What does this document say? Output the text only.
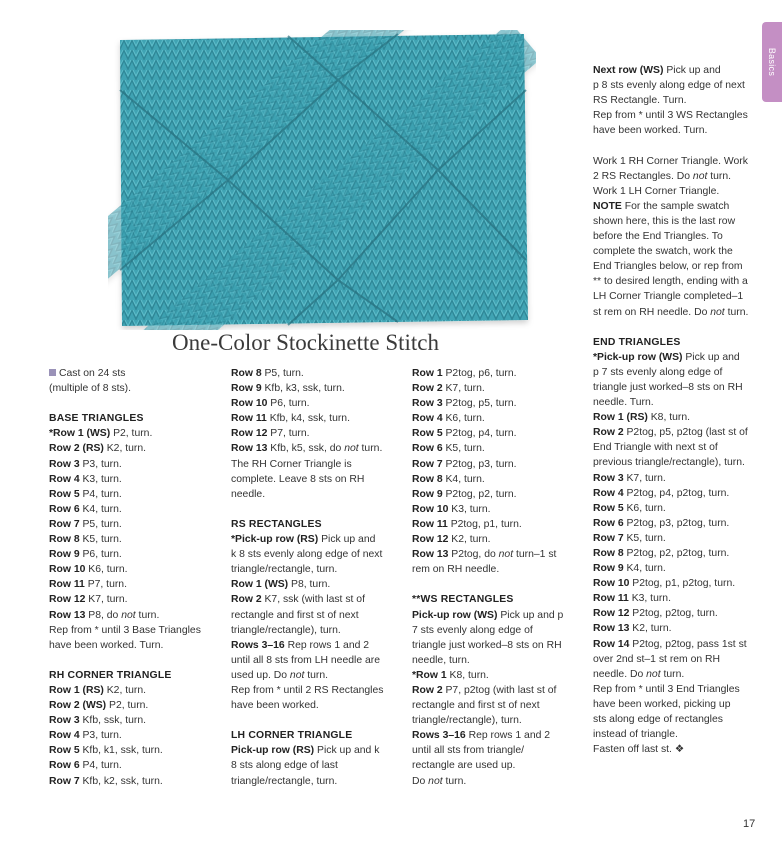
Basics
One-Color Stockinette Stitch

Cast on 24 sts

(multiple of 8 sts).

BASE TRIANGLES

*Row 1 (WS) P2, turn.

Row 2 (RS) K2, turn.

Row 3 P3, turn.

Row 4 K3, turn.

Row 5 P4, turn.

Row 6 K4, turn.

Row 7 P5, turn.

Row 8 K5, turn.

Row 9 P6, turn.

Row 10 K6, turn.

Row 11 P7, turn.

Row 12 K7, turn.

Row 13 P8, do not turn.

Rep from * until 3 Base Triangles

have been worked. Turn.

RH CORNER TRIANGLE

Row 1 (RS) K2, turn.

Row 2 (WS) P2, turn.

Row 3 Kfb, ssk, turn.

Row 4 P3, turn.

Row 5 Kfb, k1, ssk, turn.

Row 6 P4, turn.

Row 7 Kfb, k2, ssk, turn.

Row 8 P5, turn.

Row 9 Kfb, k3, ssk, turn.

Row 10 P6, turn.

Row 11 Kfb, k4, ssk, turn.

Row 12 P7, turn.

Row 13 Kfb, k5, ssk, do not turn.

The RH Corner Triangle is

complete. Leave 8 sts on RH

needle.

RS RECTANGLES

*Pick-up row (RS) Pick up and

k 8 sts evenly along edge of next

triangle/rectangle, turn.

Row 1 (WS) P8, turn.

Row 2 K7, ssk (with last st of

rectangle and first st of next

triangle/rectangle), turn.

Rows 3–16 Rep rows 1 and 2

until all 8 sts from LH needle are

used up. Do not turn.

Rep from * until 2 RS Rectangles

have been worked.

LH CORNER TRIANGLE

Pick-up row (RS) Pick up and k

8 sts along edge of last

triangle/rectangle, turn.

Row 1 P2tog, p6, turn.

Row 2 K7, turn.

Row 3 P2tog, p5, turn.

Row 4 K6, turn.

Row 5 P2tog, p4, turn.

Row 6 K5, turn.

Row 7 P2tog, p3, turn.

Row 8 K4, turn.

Row 9 P2tog, p2, turn.

Row 10 K3, turn.

Row 11 P2tog, p1, turn.

Row 12 K2, turn.

Row 13 P2tog, do not turn–1 st

rem on RH needle.

**WS RECTANGLES

Pick-up row (WS) Pick up and p

7 sts evenly along edge of

triangle just worked–8 sts on RH

needle, turn.

*Row 1 K8, turn.

Row 2 P7, p2tog (with last st of

rectangle and first st of next

triangle/rectangle), turn.

Rows 3–16 Rep rows 1 and 2

until all sts from triangle/

rectangle are used up.

Do not turn.

Next row (WS) Pick up and

p 8 sts evenly along edge of next

RS Rectangle. Turn.

Rep from * until 3 WS Rectangles

have been worked. Turn.

Work 1 RH Corner Triangle. Work

2 RS Rectangles. Do not turn.

Work 1 LH Corner Triangle.

NOTE For the sample swatch

shown here, this is the last row

before the End Triangles. To

complete the swatch, work the

End Triangles below, or rep from

** to desired length, ending with a

LH Corner Triangle completed–1

st rem on RH needle. Do not turn.

END TRIANGLES

*Pick-up row (WS) Pick up and

p 7 sts evenly along edge of

triangle just worked–8 sts on RH

needle. Turn.

Row 1 (RS) K8, turn.

Row 2 P2tog, p5, p2tog (last st of

End Triangle with next st of

previous triangle/rectangle), turn.

Row 3 K7, turn.

Row 4 P2tog, p4, p2tog, turn.

Row 5 K6, turn.

Row 6 P2tog, p3, p2tog, turn.

Row 7 K5, turn.

Row 8 P2tog, p2, p2tog, turn.

Row 9 K4, turn.

Row 10 P2tog, p1, p2tog, turn.

Row 11 K3, turn.

Row 12 P2tog, p2tog, turn.

Row 13 K2, turn.

Row 14 P2tog, p2tog, pass 1st st

over 2nd st–1 st rem on RH

needle. Do not turn.

Rep from * until 3 End Triangles

have been worked, picking up

sts along edge of rectangles

instead of triangle.

Fasten off last st. ❖

17
